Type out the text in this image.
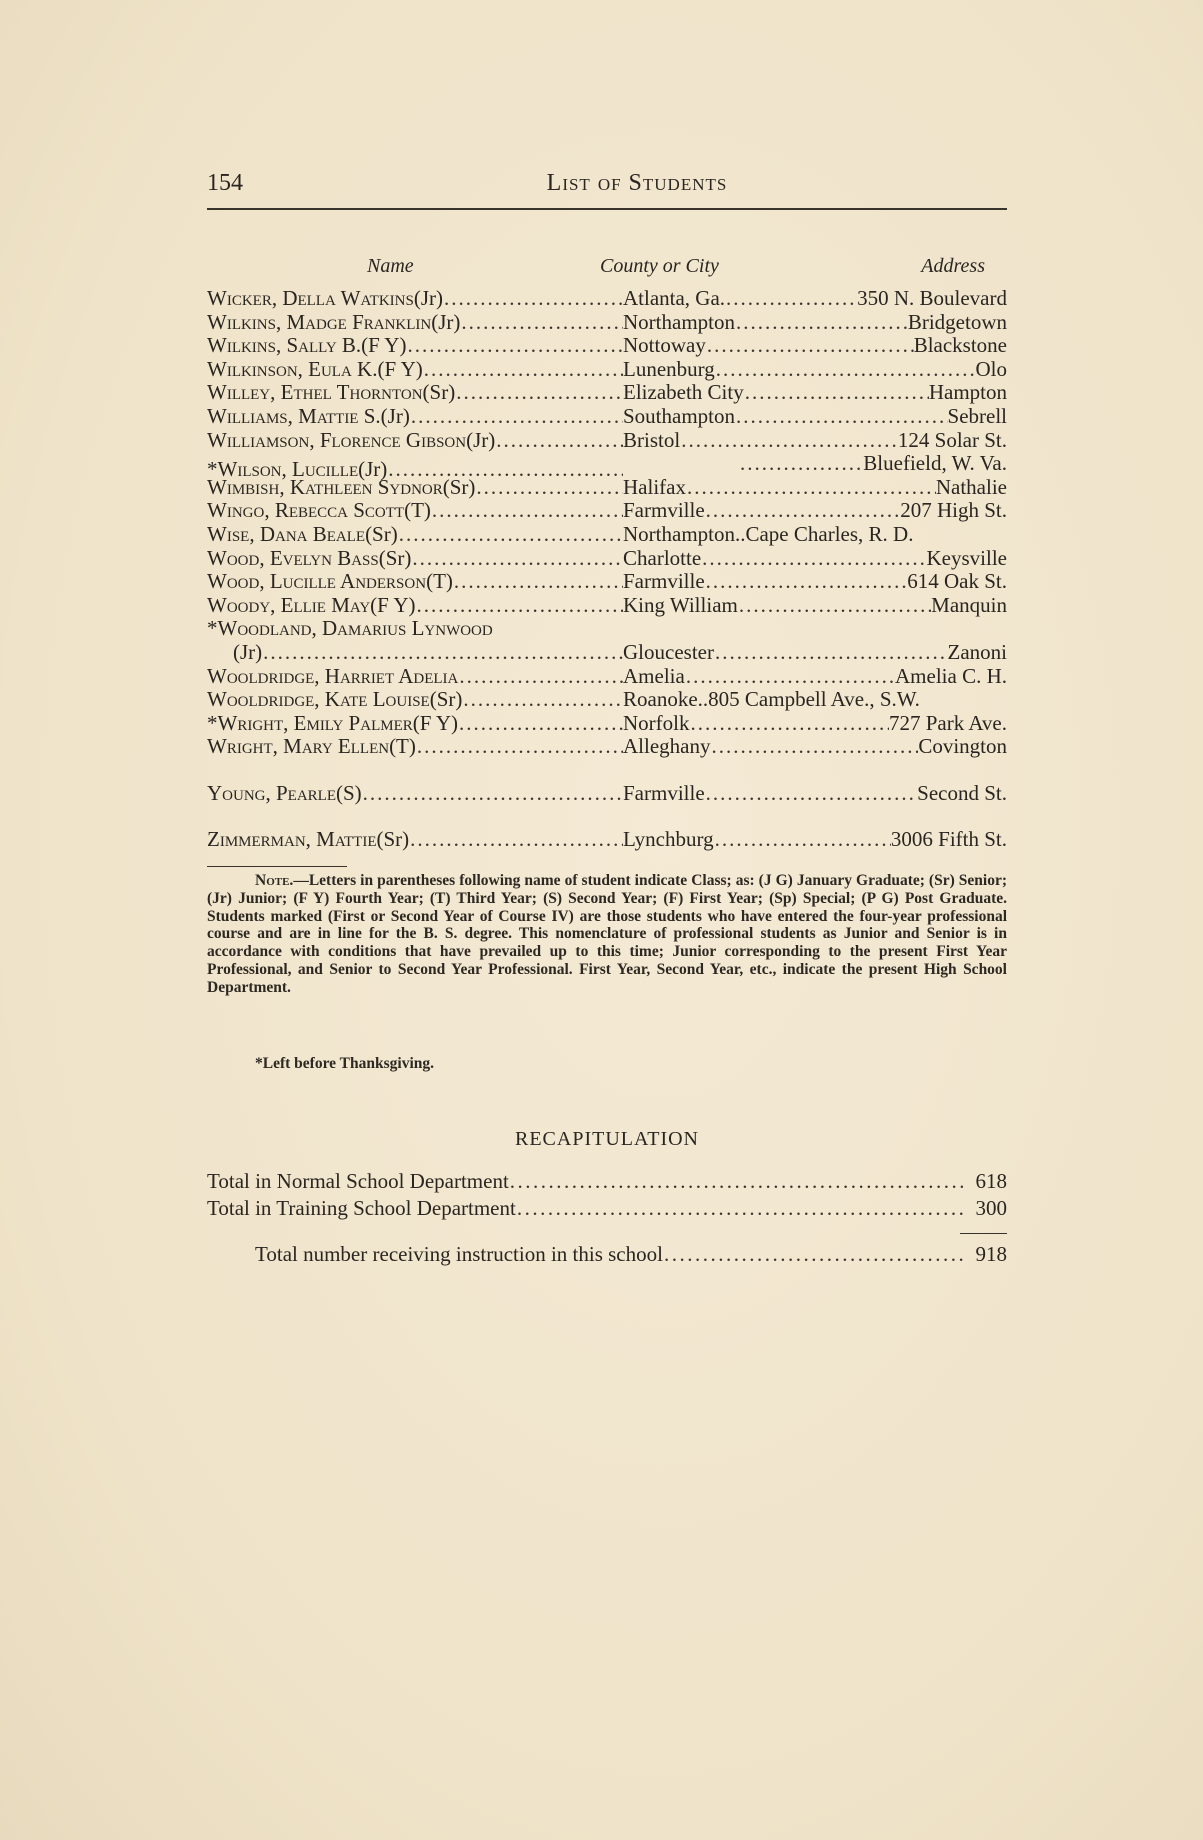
154	List of Students
Name	County or City	Address
Wicker, Della Watkins (Jr) .....	Atlanta, Ga. .....	350 N. Boulevard
Wilkins, Madge Franklin (Jr) .....	Northampton .....	Bridgetown
Wilkins, Sally B. (F Y) .....	Nottoway .....	Blackstone
Wilkinson, Eula K. (F Y) .....	Lunenburg .....	Olo
Willey, Ethel Thornton (Sr) .....	Elizabeth City .....	Hampton
Williams, Mattie S. (Jr) .....	Southampton .....	Sebrell
Williamson, Florence Gibson (Jr) .....	Bristol .....	124 Solar St.
*Wilson, Lucille (Jr) ..... .....	Bluefield, W. Va.
Wimbish, Kathleen Sydnor (Sr) .....	Halifax .....	Nathalie
Wingo, Rebecca Scott (T) .....	Farmville .....	207 High St.
Wise, Dana Beale (Sr) .....	Northampton .. Cape Charles, R. D.
Wood, Evelyn Bass (Sr) .....	Charlotte .....	Keysville
Wood, Lucille Anderson (T) .....	Farmville .....	614 Oak St.
Woody, Ellie May (F Y) .....	King William .....	Manquin
*Woodland, Damarius Lynwood
(Jr) .....	Gloucester .....	Zanoni
Wooldridge, Harriet Adelia .....	Amelia .....	Amelia C. H.
Wooldridge, Kate Louise (Sr) .....	Roanoke .. 805 Campbell Ave., S.W.
*Wright, Emily Palmer (F Y) .....	Norfolk .....	727 Park Ave.
Wright, Mary Ellen (T) .....	Alleghany .....	Covington
Young, Pearle (S) .....	Farmville .....	Second St.
Zimmerman, Mattie (Sr) .....	Lynchburg .....	3006 Fifth St.
Note.—Letters in parentheses following name of student indicate Class; as: (J G) January Graduate; (Sr) Senior; (Jr) Junior; (F Y) Fourth Year; (T) Third Year; (S) Second Year; (F) First Year; (Sp) Special; (P G) Post Graduate. Students marked (First or Second Year of Course IV) are those students who have entered the four-year professional course and are in line for the B. S. degree. This nomenclature of professional students as Junior and Senior is in accordance with conditions that have prevailed up to this time; Junior corresponding to the present First Year Professional, and Senior to Second Year Professional. First Year, Second Year, etc., indicate the present High School Department.
*Left before Thanksgiving.
RECAPITULATION
Total in Normal School Department .....	618
Total in Training School Department .....	300
Total number receiving instruction in this school .....	918
